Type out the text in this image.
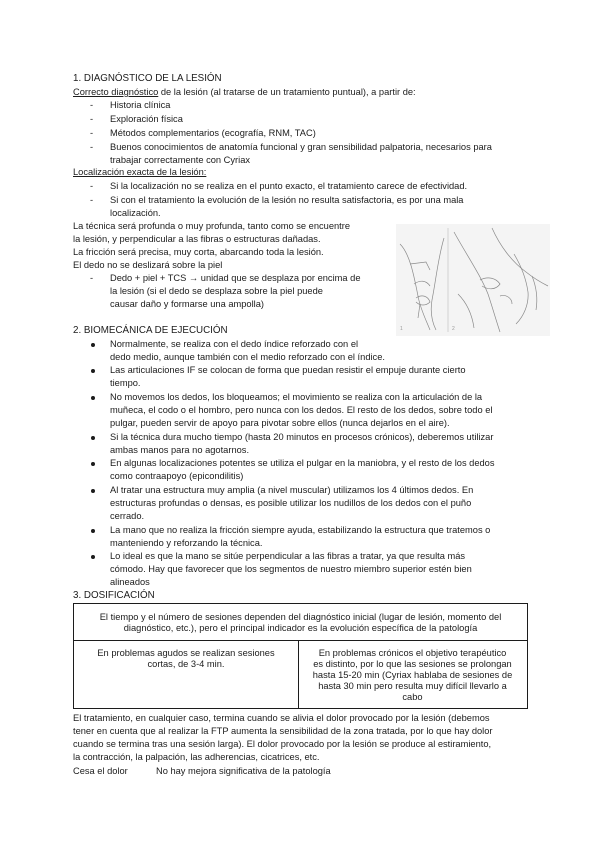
1. DIAGNÓSTICO DE LA LESIÓN
Correcto diagnóstico de la lesión (al tratarse de un tratamiento puntual), a partir de:
- Historia clínica
- Exploración física
- Métodos complementarios (ecografía, RNM, TAC)
- Buenos conocimientos de anatomía funcional y gran sensibilidad palpatoria, necesarios para
trabajar correctamente con Cyriax
Localización exacta de la lesión:
- Si la localización no se realiza en el punto exacto, el tratamiento carece de efectividad.
- Si con el tratamiento la evolución de la lesión no resulta satisfactoria, es por una mala
localización.
La técnica será profunda o muy profunda, tanto como se encuentre
la lesión, y perpendicular a las fibras o estructuras dañadas.
La fricción será precisa, muy corta, abarcando toda la lesión.
El dedo no se deslizará sobre la piel
- Dedo + piel + TCS → unidad que se desplaza por encima de
la lesión (si el dedo se desplaza sobre la piel puede
causar daño y formarse una ampolla)
1	2
2. BIOMECÁNICA DE EJECUCIÓN
Normalmente, se realiza con el dedo índice reforzado con el
dedo medio, aunque también con el medio reforzado con el índice.
Las articulaciones IF se colocan de forma que puedan resistir el empuje durante cierto
tiempo.
No movemos los dedos, los bloqueamos; el movimiento se realiza con la articulación de la
muñeca, el codo o el hombro, pero nunca con los dedos. El resto de los dedos, sobre todo el
pulgar, pueden servir de apoyo para pivotar sobre ellos (nunca dejarlos en el aire).
Si la técnica dura mucho tiempo (hasta 20 minutos en procesos crónicos), deberemos utilizar
ambas manos para no agotarnos.
En algunas localizaciones potentes se utiliza el pulgar en la maniobra, y el resto de los dedos
como contraapoyo (epicondilitis)
Al tratar una estructura muy amplia (a nivel muscular) utilizamos los 4 últimos dedos. En
estructuras profundas o densas, es posible utilizar los nudillos de los dedos con el puño
cerrado.
La mano que no realiza la fricción siempre ayuda, estabilizando la estructura que tratemos o
manteniendo y reforzando la técnica.
Lo ideal es que la mano se sitúe perpendicular a las fibras a tratar, ya que resulta más
cómodo. Hay que favorecer que los segmentos de nuestro miembro superior estén bien
alineados
3. DOSIFICACIÓN
El tiempo y el número de sesiones dependen del diagnóstico inicial (lugar de lesión, momento del
diagnóstico, etc.), pero el principal indicador es la evolución específica de la patología
En problemas agudos se realizan sesiones
cortas, de 3-4 min.
En problemas crónicos el objetivo terapéutico
es distinto, por lo que las sesiones se prolongan
hasta 15-20 min (Cyriax hablaba de sesiones de
hasta 30 min pero resulta muy difícil llevarlo a
cabo
El tratamiento, en cualquier caso, termina cuando se alivia el dolor provocado por la lesión (debemos
tener en cuenta que al realizar la FTP aumenta la sensibilidad de la zona tratada, por lo que hay dolor
cuando se termina tras una sesión larga). El dolor provocado por la lesión se produce al estiramiento,
la contracción, la palpación, las adherencias, cicatrices, etc.
Cesa el dolor	No hay mejora significativa de la patología
